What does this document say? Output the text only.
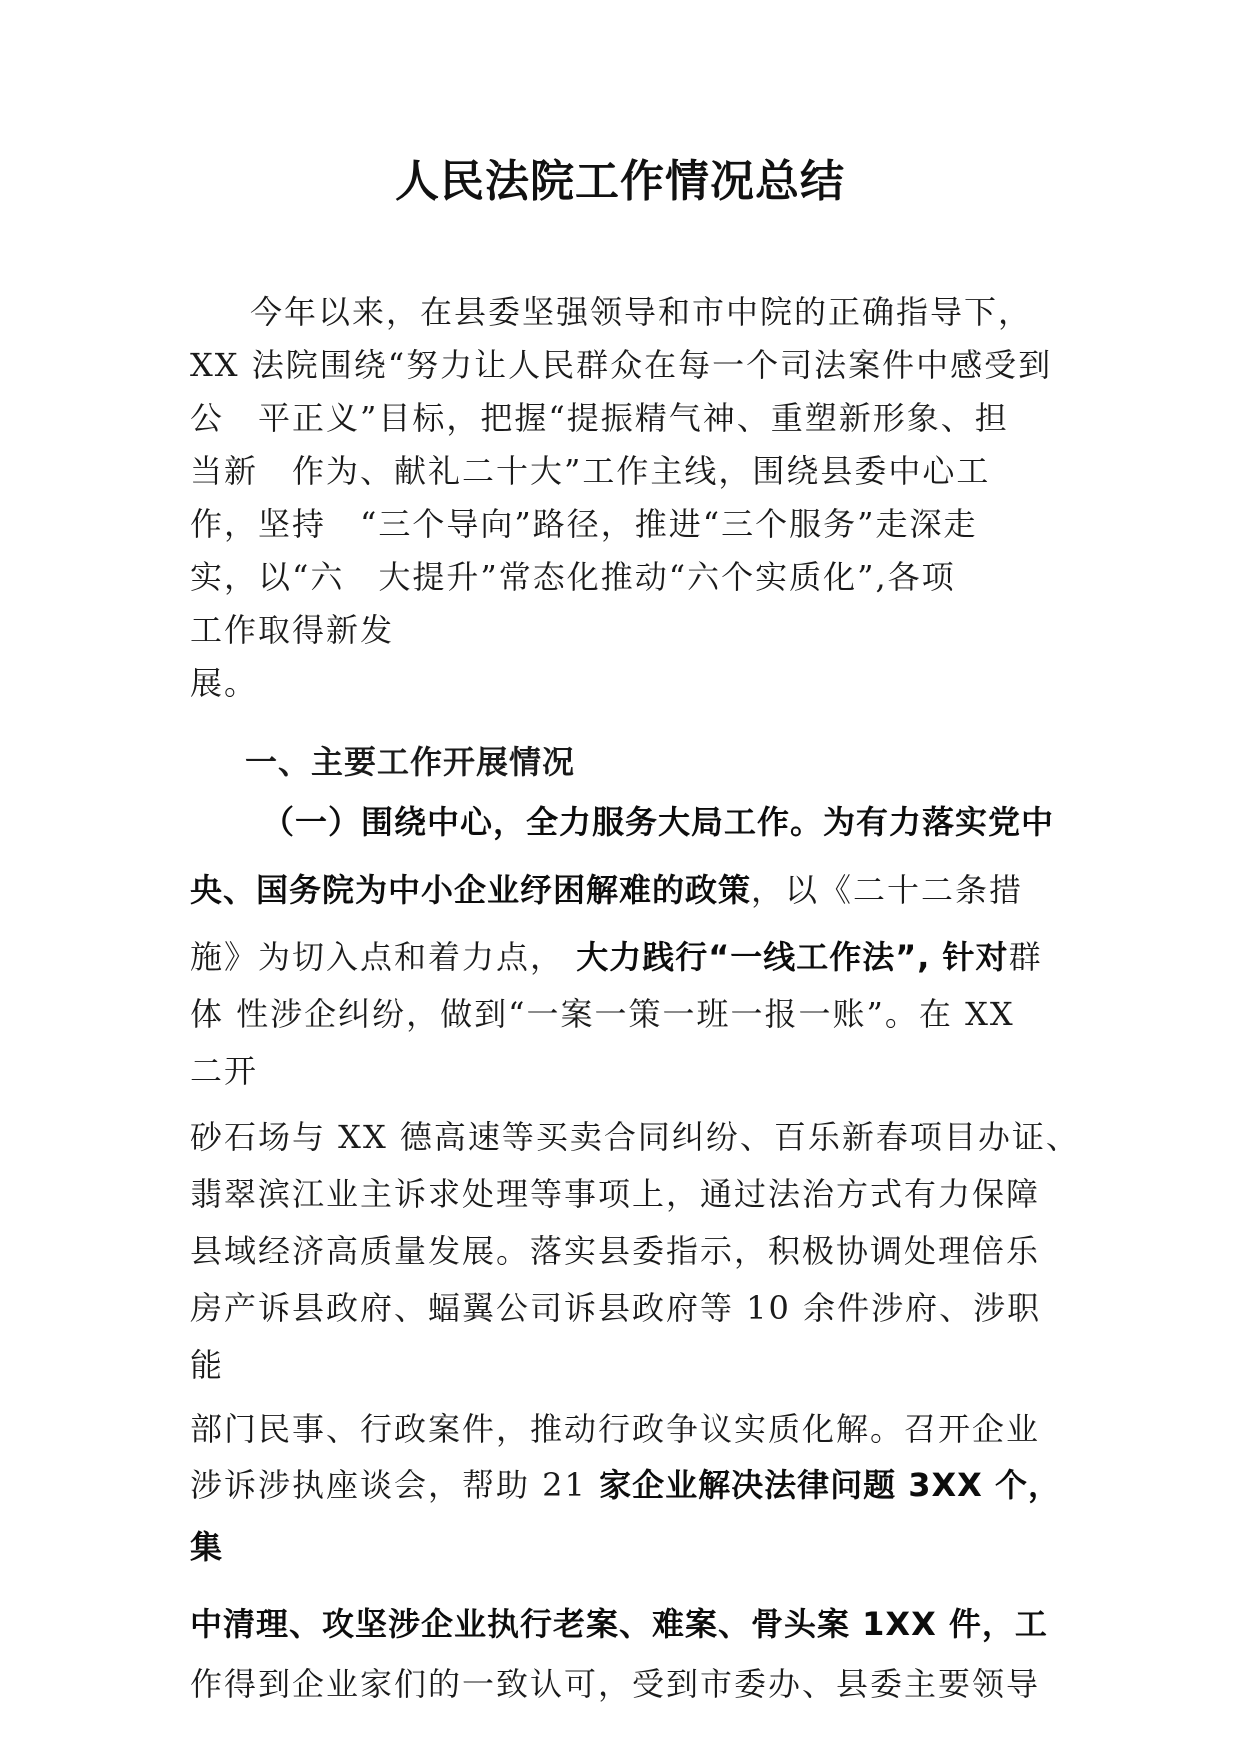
人民法院工作情况总结
今年以来，在县委坚强领导和市中院的正确指导下，
XX 法院围绕“努力让人民群众在每一个司法案件中感受到
公　平正义”目标，把握“提振精气神、重塑新形象、担
当新　作为、献礼二十大”工作主线，围绕县委中心工
作，坚持　“三个导向”路径，推进“三个服务”走深走
实，以“六　大提升”常态化推动“六个实质化”,各项
工作取得新发
展。
一、主要工作开展情况
（一）围绕中心，全力服务大局工作。为有力落实党中
央、国务院为中小企业纾困解难的政策，以《二十二条措
施》为切入点和着力点， 大力践行“一线工作法”, 针对群
体 性涉企纠纷，做到“一案一策一班一报一账”。在 XX
二开
砂石场与 XX 德高速等买卖合同纠纷、百乐新春项目办证、
翡翠滨江业主诉求处理等事项上，通过法治方式有力保障
县域经济高质量发展。落实县委指示，积极协调处理倍乐
房产诉县政府、蝠翼公司诉县政府等 10 余件涉府、涉职
能
部门民事、行政案件，推动行政争议实质化解。召开企业
涉诉涉执座谈会，帮助 21 家企业解决法律问题 3XX 个，
集
中清理、攻坚涉企业执行老案、难案、骨头案 1XX 件，工
作得到企业家们的一致认可，受到市委办、县委主要领导
